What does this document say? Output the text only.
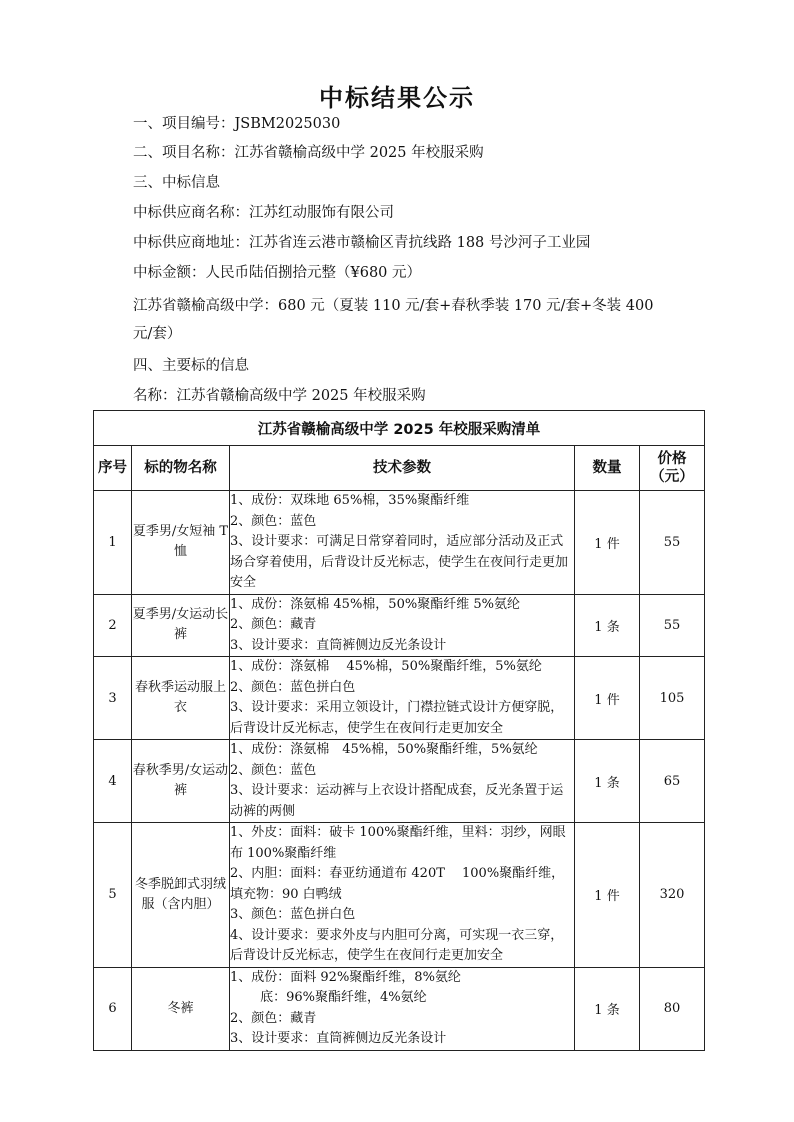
中标结果公示
一、项目编号：JSBM2025030
二、项目名称：江苏省赣榆高级中学 2025 年校服采购
三、中标信息
中标供应商名称：江苏红动服饰有限公司
中标供应商地址：江苏省连云港市赣榆区青抗线路 188 号沙河子工业园
中标金额：人民币陆佰捌拾元整（¥680 元）
江苏省赣榆高级中学：680 元（夏装 110 元/套+春秋季装 170 元/套+冬装 400 元/套）
四、主要标的信息
名称：江苏省赣榆高级中学 2025 年校服采购
江苏省赣榆高级中学 2025 年校服采购清单				
序号	标的物名称	技术参数	数量	价格（元）
1	夏季男/女短袖 T 恤	1、成份：双珠地 65%棉，35%聚酯纤维
2、颜色：蓝色
3、设计要求：可满足日常穿着同时，适应部分活动及正式场合穿着使用，后背设计反光标志，使学生在夜间行走更加安全	1 件	55
2	夏季男/女运动长裤	1、成份：涤氨棉 45%棉，50%聚酯纤维 5%氨纶
2、颜色：藏青
3、设计要求：直筒裤侧边反光条设计	1 条	55
3	春秋季运动服上衣	1、成份：涤氨棉　 45%棉，50%聚酯纤维，5%氨纶
2、颜色：蓝色拼白色
3、设计要求：采用立领设计，门襟拉链式设计方便穿脱，后背设计反光标志，使学生在夜间行走更加安全	1 件	105
4	春秋季男/女运动裤	1、成份：涤氨棉　45%棉，50%聚酯纤维，5%氨纶
2、颜色：蓝色
3、设计要求：运动裤与上衣设计搭配成套，反光条置于运动裤的两侧	1 条	65
5	冬季脱卸式羽绒服（含内胆）	1、外皮：面料：破卡 100%聚酯纤维，里料：羽纱，网眼布 100%聚酯纤维
2、内胆：面料：春亚纺通道布 420T　 100%聚酯纤维，填充物：90 白鸭绒
3、颜色：蓝色拼白色
4、设计要求：要求外皮与内胆可分离，可实现一衣三穿，后背设计反光标志，使学生在夜间行走更加安全	1 件	320
6	冬裤	1、成份：面料 92%聚酯纤维，8%氨纶
　　 底：96%聚酯纤维，4%氨纶
2、颜色：藏青
3、设计要求：直筒裤侧边反光条设计	1 条	80
